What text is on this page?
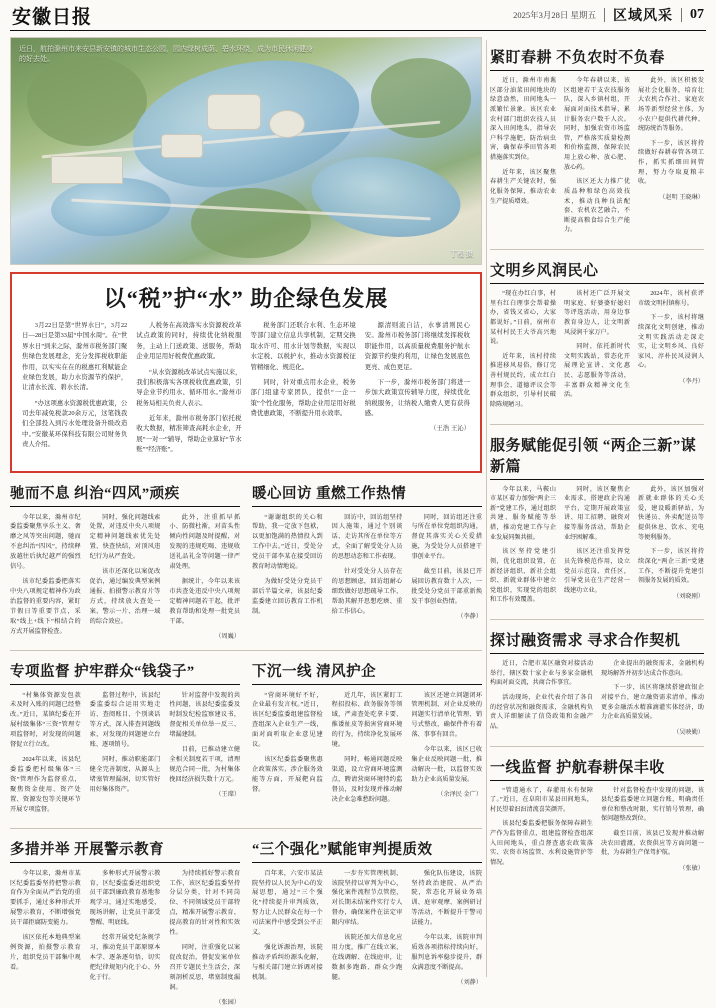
安徽日报	2025年3月28日 星期五 区域风采 07
近日，航拍滁州市来安县新安镇的城市生态公园，园内绿树成荫、碧水环绕，成为市民休闲健身的好去处。
丁程 摄
以“税”护“水” 助企绿色发展

3月22日是第“世界水日”，3月22日—28日是第33届“中国水周”。在“世界水日”到来之际，滁州市税务部门聚焦绿色发展理念，充分发挥税收职能作用，以实实在在的税惠红利赋能企业绿色发展，助力水资源节约保护，让清水长流、碧水长清。

“办这项惠水资源税优惠政策，公司去年减免税款20余万元，这笔钱我们全部投入到污水处理设备升级改造中。”安徽某环保科技有限公司财务负责人介绍。

人税务在高效落实水资源税改革试点政策的同时，持续优化纳税服务，主动上门送政策、送服务，帮助企业用足用好税费优惠政策。

“从水资源税改革试点实施以来，我们积极落实各项税收优惠政策，引导企业节约用水、循环用水。”滁州市税务局相关负责人表示。

近年来，滁州市税务部门依托税收大数据，精准筛查高耗水企业，开展“一对一”辅导，帮助企业算好“节水账”“经济账”。

税务部门还联合水利、生态环境等部门建立信息共享机制，定期交换取水许可、用水计划等数据，实现以水定税、以税护水，推动水资源税征管精细化、规范化。

同时，针对重点用水企业，税务部门组建专家团队，提供“一企一策”个性化服务，帮助企业用足用好税费优惠政策，不断提升用水效率。

源清则流自洁，水事清则民心安。滁州市税务部门将继续发挥税收职能作用，以高质量税费服务护航水资源节约集约利用，让绿色发展底色更亮、成色更足。

下一步，滁州市税务部门将进一步加大政策宣传辅导力度，持续优化纳税服务，让纳税人缴费人更有获得感。

（王浩 王沁）
驰而不息 纠治“四风”顽疾

今年以来，滁州市纪委监委聚焦享乐主义、奢靡之风等突出问题，驰而不息纠治“四风”，持续释放越往后执纪越严的强烈信号。

该市纪委监委把落实中央八项规定精神作为政治监督的重要内容，紧盯节假日等重要节点，采取“线上+线下”相结合的方式开展监督检查。

同时，强化问题线索处置，对违反中央八项规定精神问题线索优先处置、快查快结，对顶风违纪行为从严查处。

该市还深化以案促改促治，通过编发典型案例通报、拍摄警示教育片等方式，持续放大查处一案、警示一片、治理一域的综合效应。

此外，注重抓早抓小、防微杜渐，对苗头性倾向性问题及时提醒，对发现的违规吃喝、违规收送礼品礼金等问题一律严肃处理。

据统计，今年以来该市共查处违反中央八项规定精神问题若干起，批评教育帮助和处理一批党员干部。

（周巍）
暖心回访 重燃工作热情

“谢谢组织的关心和帮助，我一定放下包袱，以更加饱满的热情投入到工作中去。”近日，受处分党员干部李某在接受回访教育时动情地说。

为做好受处分党员干部后半篇文章，该县纪委监委建立回访教育工作机制。

回访中，回访组坚持因人施策，通过个别谈话、走访其所在单位等方式，全面了解受处分人员的思想动态和工作表现。

针对受处分人员存在的思想顾虑，回访组耐心细致做好思想疏导工作，帮助其解开思想疙瘩、重拾工作信心。

同时，回访组还注重与所在单位党组织沟通，督促其落实关心关爱措施，为受处分人员搭建干事创业平台。

截至目前，该县已开展回访教育数十人次，一批受处分党员干部重新焕发干事创业热情。

（李静）
专项监督 护牢群众“钱袋子”

“村集体资源发包款未及时入账的问题已经整改。”近日，某镇纪委在开展村级集体“三资”管理专项监督时，对发现的问题督促立行立改。

2024年以来，该县纪委监委把村级集体“三资”管理作为监督重点，聚焦资金使用、资产处置、资源发包等关键环节开展专项监督。

监督过程中，该县纪委监委综合运用实地走访、查阅账目、个别谈话等方式，深入排查问题线索，对发现的问题建立台账、逐项销号。

同时，推动职能部门健全完善制度，从源头上堵塞管理漏洞，切实管好用好集体资产。

针对监督中发现的共性问题，该县纪委监委及时制发纪检监察建议书，督促相关单位举一反三、堵漏建制。

目前，已推动建立健全相关制度若干项，清理规范合同一批，为村集体挽回经济损失数十万元。

（王璨）
下沉一线 清风护企

“营商环境好不好，企业最有发言权。”近日，该区纪委监委组建监督检查组深入企业生产一线，面对面听取企业意见建议。

该区纪委监委聚焦惠企政策落实、涉企服务效能等方面，开展靶向监督。

近几年，该区紧盯工程招投标、政务服务等领域，严肃查处吃拿卡要、推诿扯皮等损害营商环境的行为，持续净化发展环境。

同时，畅通问题反映渠道，设立营商环境监测点，聘请营商环境特约监督员，及时发现并推动解决企业急难愁盼问题。

该区还建立问题闭环管理机制，对企业反映的问题实行清单化管理、销号式整改，确保件件有着落、事事有回音。

今年以来，该区已收集企业反映问题一批，推动解决一批，以监督实效助力企业高质量发展。

（余泽民 金广）
多措并举 开展警示教育

今年以来，滁州市某区纪委监委坚持把警示教育作为全面从严治党的重要抓手，通过多种形式开展警示教育，不断增强党员干部拒腐防变能力。

该区依托本地典型案例资源，拍摄警示教育片，组织党员干部集中观看。

多种形式开展警示教育，区纪委监委还组织党员干部到廉政教育基地参观学习，通过实地感受、现场讲解，让党员干部受警醒、明底线。

经常开展党纪条规学习，推动党员干部原原本本学、逐条逐句悟，切实把纪律规矩内化于心、外化于行。

为持续抓好警示教育工作，该区纪委监委坚持分层分类，针对不同岗位、不同领域党员干部特点，精准开展警示教育，提高教育的针对性和实效性。

同时，注重强化以案促改促治，督促发案单位召开专题民主生活会，深刻剖析反思，堵塞制度漏洞。

（张园）
“三个强化”赋能审判提质效

百年来，六安市某法院坚持以人民为中心的发展思想，通过“三个强化”持续提升审判质效，努力让人民群众在每一个司法案件中感受到公平正义。

强化诉源治理，该院推动矛盾纠纷源头化解，与相关部门建立诉调对接机制。

一步夯实管理机制，该院坚持以审判为中心，强化案件流程节点管控，对长期未结案件实行专人督办，确保案件在法定审限内审结。

该院还加大信息化应用力度，推广在线立案、在线调解、在线庭审，让数据多跑路、群众少跑腿。

强化队伍建设，该院坚持政治建院、从严治院，常态化开展业务培训、庭审观摩、案例研讨等活动，不断提升干警司法能力。

今年以来，该院审判质效各项指标持续向好，服判息诉率稳步提升，群众满意度不断提高。

（刘静）
紧盯春耕 不负农时不负春

近日，滁州市南谯区部分油菜田间地块的绿意盎然，田间地头一派繁忙景象。该区农业农村部门组织农技人员深入田间地头，指导农户科学施肥、防治病虫害，确保春季田管各项措施落实到位。

近年来，该区聚焦春耕生产关键农时，强化服务保障，推动农业生产提质增效。

今年春耕以来，该区组建若干支农技服务队，深入乡镇村组，开展面对面技术指导，累计服务农户数千人次。同时，加强农资市场监管，严格落实质量检测和价格监测，保障农民用上放心种、放心肥、放心药。

该区还大力推广优质品种和绿色高效技术，推动良种良法配套、农机农艺融合，不断提高粮食综合生产能力。

此外，该区积极发展社会化服务，培育壮大农机合作社、家庭农场等新型经营主体，为小农户提供代耕代种、统防统治等服务。

下一步，该区将持续做好春耕春管各项工作，抓实抓细田间管理，努力夺取夏粮丰收。

（赵明 王晓琳）
文明乡风润民心

“现在办红白事，村里有红白理事会帮着操办，省钱又省心，大家都说好。”日前，宿州市某村村民王大爷高兴地说。

近年来，该村持续推进移风易俗，修订完善村规民约，成立红白理事会、道德评议会等群众组织，引导村民破除陈规陋习。

该村还广泛开展文明家庭、好婆婆好媳妇等评选活动，用身边事教育身边人，让文明新风浸润千家万户。

同时，依托新时代文明实践站，常态化开展理论宣讲、文化惠民、志愿服务等活动，丰富群众精神文化生活。

2024年，该村获评市级文明村镇称号。

下一步，该村将继续深化文明创建，推动文明实践活动走深走实，让文明乡风、良好家风、淳朴民风浸润人心。

（李丹）
服务赋能促引领 “两企三新”谋新篇

今年以来，马鞍山市某区着力加强“两企三新”党建工作，通过组织共建、服务赋能等举措，推动党建工作与企业发展同频共振。

该区坚持党建引领，优化组织设置，在新经济组织、新社会组织、新就业群体中建立党组织，实现党的组织和工作有效覆盖。

同时，该区聚焦企业需求，搭建政企沟通平台，定期开展政策宣讲、用工招聘、融资对接等服务活动，帮助企业纾困解难。

该区还注重发挥党员先锋模范作用，设立党员示范岗、责任区，引导党员在生产经营一线建功立业。

此外，该区加强对新就业群体的关心关爱，建设暖新驿站，为快递员、外卖配送员等提供休息、饮水、充电等便利服务。

下一步，该区将持续深化“两企三新”党建工作，不断提升党建引领服务发展的质效。

（刘晓刚）
探讨融资需求 寻求合作契机

近日，合肥市某区融资对接活动举行，辖区数十家企业与多家金融机构面对面交流，共商合作事宜。

活动现场，企业代表介绍了各自的经营状况和融资需求，金融机构负责人详细解读了信贷政策和金融产品。

企业提出的融资需求，金融机构现场解答并初步达成合作意向。

下一步，该区将继续搭建政银企对接平台，建立融资需求清单，推动更多金融活水精准滴灌实体经济，助力企业高质量发展。

（吴映勤）
一线监督 护航春耕保丰收

“管道通水了，春灌用水有保障了。”近日，在阜阳市某县田间地头，村民望着汩汩清流喜笑颜开。

该县纪委监委把服务保障春耕生产作为监督重点，组建监督检查组深入田间地头，重点督查惠农政策落实、农资市场监管、水利设施管护等情况。

针对监督检查中发现的问题，该县纪委监委建立问题台账，明确责任单位和整改时限，实行销号管理，确保问题整改到位。

截至目前，该县已发现并推动解决农田灌溉、农资供应等方面问题一批，为春耕生产保驾护航。

（张敏）
